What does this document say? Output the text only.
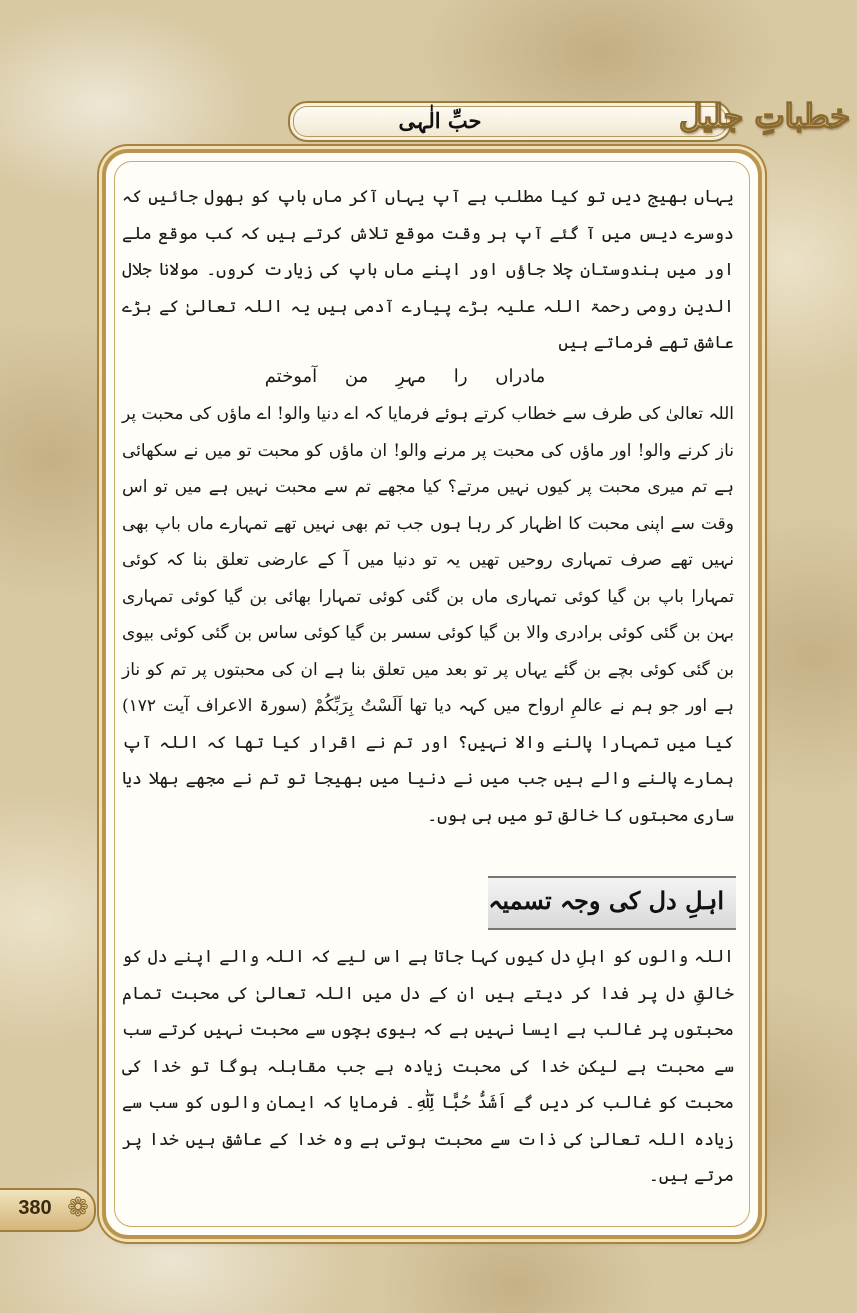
حبِّ الٰہی	خطباتِ جلیل
یہاں بھیج دیں تو کیا مطلب ہے آپ یہاں آکر ماں باپ کو بھول جائیں کہ دوسرے دیس میں آ گئے آپ ہر وقت موقع تلاش کرتے ہیں کہ کب موقع ملے اور میں ہندوستان چلا جاؤں اور اپنے ماں باپ کی زیارت کروں۔ مولانا جلال الدین رومی رحمۃ اللہ علیہ بڑے پیارے آدمی ہیں یہ اللہ تعالیٰ کے بڑے عاشق تھے فرماتے ہیں
مادراں را مہرِ من آموختم
اللہ تعالیٰ کی طرف سے خطاب کرتے ہوئے فرمایا کہ اے دنیا والو! اے ماؤں کی محبت پر ناز کرنے والو! اور ماؤں کی محبت پر مرنے والو! ان ماؤں کو محبت تو میں نے سکھائی ہے تم میری محبت پر کیوں نہیں مرتے؟ کیا مجھے تم سے محبت نہیں ہے میں تو اس وقت سے اپنی محبت کا اظہار کر رہا ہوں جب تم بھی نہیں تھے تمہارے ماں باپ بھی نہیں تھے صرف تمہاری روحیں تھیں یہ تو دنیا میں آ کے عارضی تعلق بنا کہ کوئی تمہارا باپ بن گیا کوئی تمہاری ماں بن گئی کوئی تمہارا بھائی بن گیا کوئی تمہاری بہن بن گئی کوئی برادری والا بن گیا کوئی سسر بن گیا کوئی ساس بن گئی کوئی بیوی بن گئی کوئی بچے بن گئے یہاں پر تو بعد میں تعلق بنا ہے ان کی محبتوں پر تم کو ناز ہے اور جو ہم نے عالمِ ارواح میں کہہ دیا تھا اَلَسْتُ بِرَبِّكُمْ (سورۃ الاعراف آیت ۱۷۲) کیا میں تمہارا پالنے والا نہیں؟ اور تم نے اقرار کیا تھا کہ اللہ آپ ہمارے پالنے والے ہیں جب میں نے دنیا میں بھیجا تو تم نے مجھے بھلا دیا ساری محبتوں کا خالق تو میں ہی ہوں۔
اہلِ دل کی وجہ تسمیہ
اللہ والوں کو اہلِ دل کیوں کہا جاتا ہے اس لیے کہ اللہ والے اپنے دل کو خالقِ دل پر فدا کر دیتے ہیں ان کے دل میں اللہ تعالیٰ کی محبت تمام محبتوں پر غالب ہے ایسا نہیں ہے کہ بیوی بچوں سے محبت نہیں کرتے سب سے محبت ہے لیکن خدا کی محبت زیادہ ہے جب مقابلہ ہوگا تو خدا کی محبت کو غالب کر دیں گے اَشَدُّ حُبًّا لِّلّٰهِ۔ فرمایا کہ ایمان والوں کو سب سے زیادہ اللہ تعالیٰ کی ذات سے محبت ہوتی ہے وہ خدا کے عاشق ہیں خدا پر مرتے ہیں۔
❁
380
